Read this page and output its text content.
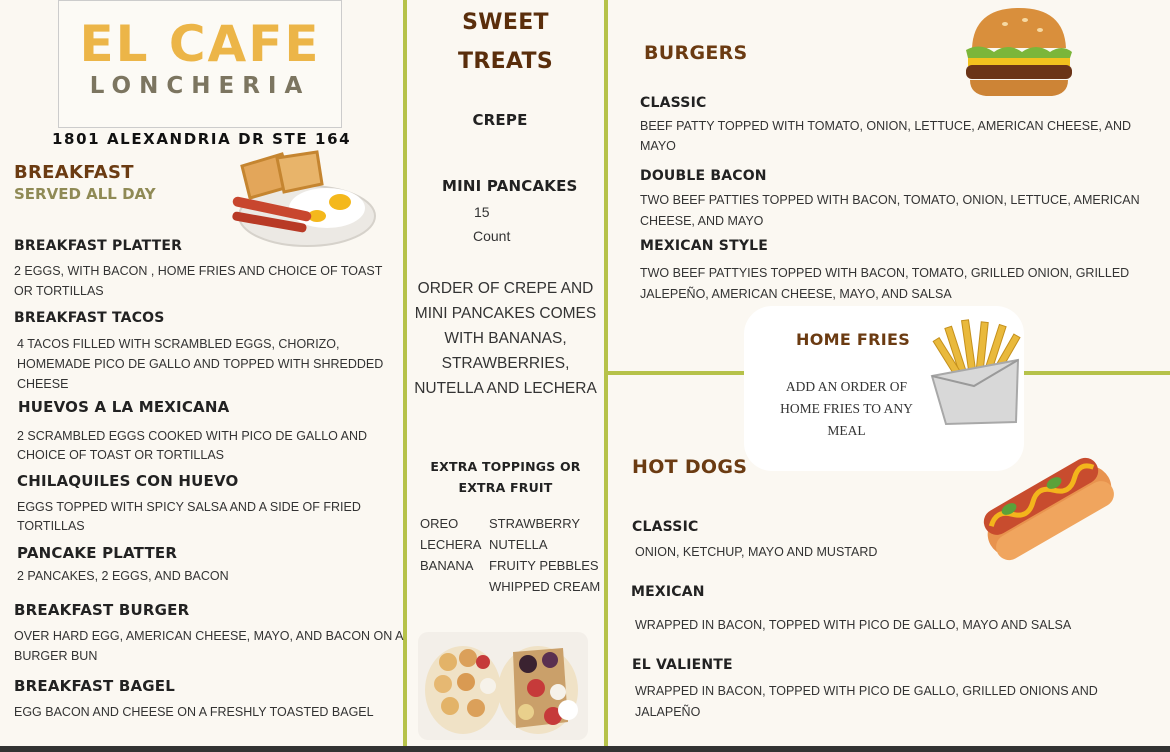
EL CAFE
LONCHERIA
1801 ALEXANDRIA DR STE 164
BREAKFAST
SERVED ALL DAY
BREAKFAST PLATTER
2 EGGS, WITH BACON , HOME FRIES AND CHOICE OF TOAST
OR TORTILLAS
BREAKFAST TACOS
4 TACOS FILLED WITH SCRAMBLED EGGS, CHORIZO,
HOMEMADE PICO DE GALLO AND TOPPED WITH SHREDDED
CHEESE
HUEVOS A LA MEXICANA
2 SCRAMBLED EGGS COOKED WITH PICO DE GALLO AND
CHOICE OF TOAST OR TORTILLAS
CHILAQUILES CON HUEVO
EGGS TOPPED WITH SPICY SALSA AND A SIDE OF FRIED
TORTILLAS
PANCAKE PLATTER
2 PANCAKES, 2 EGGS, AND BACON
BREAKFAST BURGER
OVER HARD EGG, AMERICAN CHEESE, MAYO, AND BACON ON A
BURGER BUN
BREAKFAST BAGEL
EGG BACON AND CHEESE ON A FRESHLY TOASTED BAGEL
SWEET
TREATS
CREPE
MINI PANCAKES
15
Count
ORDER OF CREPE AND
MINI PANCAKES COMES
WITH BANANAS,
STRAWBERRIES,
NUTELLA AND LECHERA
EXTRA TOPPINGS OR
EXTRA FRUIT
OREO
LECHERA
BANANA
STRAWBERRY
NUTELLA
FRUITY PEBBLES
WHIPPED CREAM
BURGERS
CLASSIC
BEEF PATTY TOPPED WITH TOMATO, ONION, LETTUCE, AMERICAN CHEESE, AND
MAYO
DOUBLE BACON
TWO BEEF PATTIES TOPPED WITH BACON, TOMATO, ONION, LETTUCE, AMERICAN
CHEESE, AND MAYO
MEXICAN STYLE
TWO BEEF PATTYIES TOPPED WITH BACON, TOMATO, GRILLED ONION, GRILLED
JALEPEÑO, AMERICAN CHEESE, MAYO, AND SALSA
HOME FRIES
ADD AN ORDER OF
HOME FRIES TO ANY
MEAL
HOT DOGS
CLASSIC
ONION, KETCHUP, MAYO AND MUSTARD
MEXICAN
WRAPPED IN BACON, TOPPED WITH PICO DE GALLO, MAYO AND SALSA
EL VALIENTE
WRAPPED IN BACON, TOPPED WITH PICO DE GALLO, GRILLED ONIONS AND
JALAPEÑO
